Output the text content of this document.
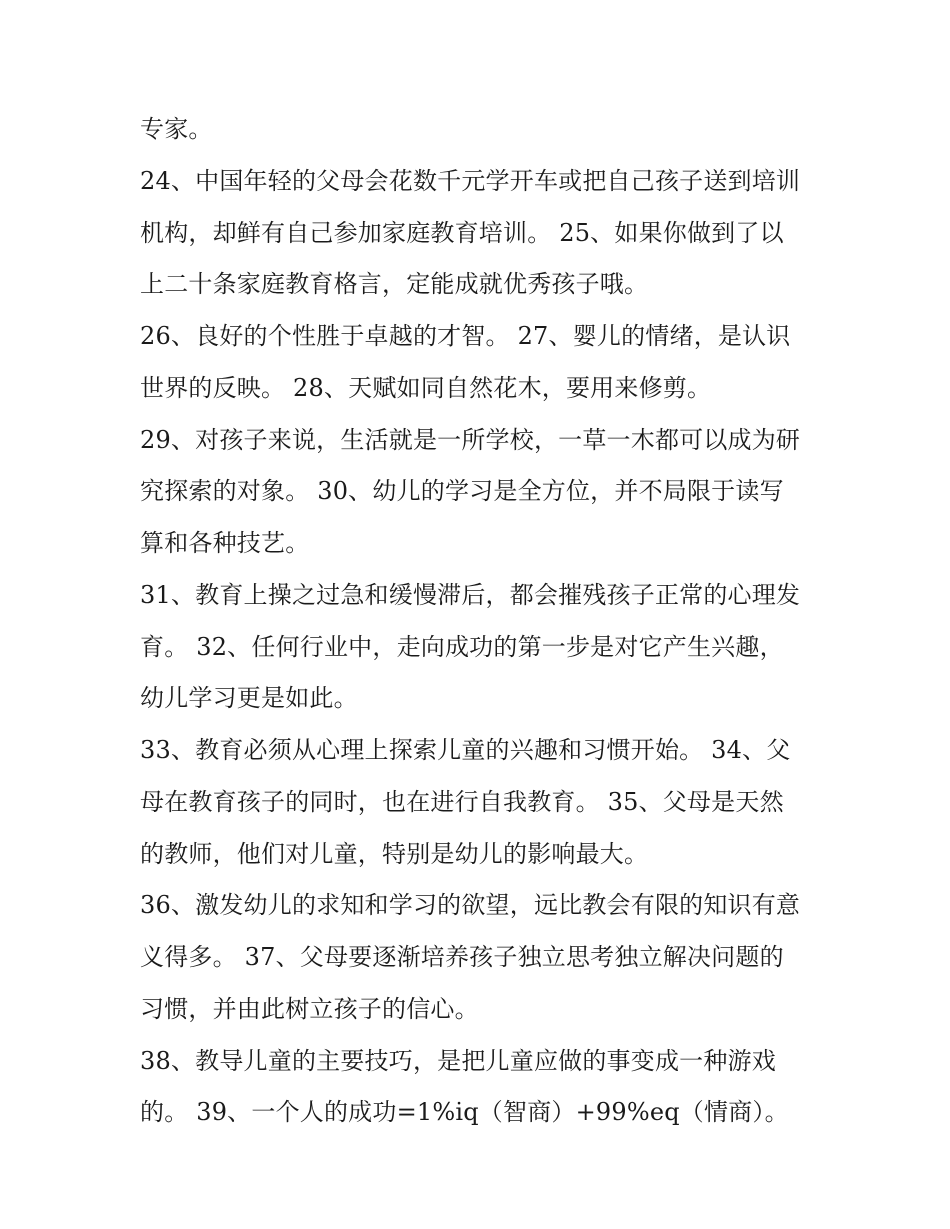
专家。
24、中国年轻的父母会花数千元学开车或把自己孩子送到培训
机构，却鲜有自己参加家庭教育培训。 25、如果你做到了以
上二十条家庭教育格言，定能成就优秀孩子哦。
26、良好的个性胜于卓越的才智。 27、婴儿的情绪，是认识
世界的反映。 28、天赋如同自然花木，要用来修剪。
29、对孩子来说，生活就是一所学校，一草一木都可以成为研
究探索的对象。 30、幼儿的学习是全方位，并不局限于读写
算和各种技艺。
31、教育上操之过急和缓慢滞后，都会摧残孩子正常的心理发
育。 32、任何行业中，走向成功的第一步是对它产生兴趣，
幼儿学习更是如此。
33、教育必须从心理上探索儿童的兴趣和习惯开始。 34、父
母在教育孩子的同时，也在进行自我教育。 35、父母是天然
的教师，他们对儿童，特别是幼儿的影响最大。
36、激发幼儿的求知和学习的欲望，远比教会有限的知识有意
义得多。 37、父母要逐渐培养孩子独立思考独立解决问题的
习惯，并由此树立孩子的信心。
38、教导儿童的主要技巧，是把儿童应做的事变成一种游戏
的。 39、一个人的成功=1%iq（智商）+99%eq（情商）。
